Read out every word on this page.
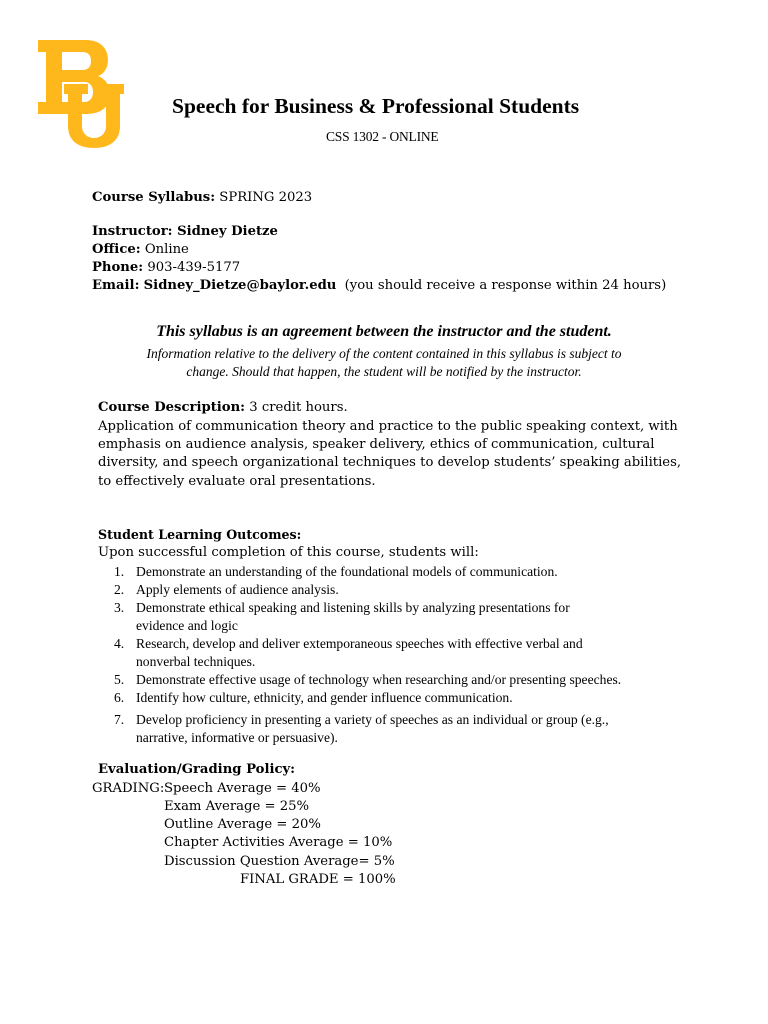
Speech for Business & Professional Students
CSS 1302 - ONLINE
Course Syllabus: SPRING 2023
Instructor: Sidney Dietze
Office: Online
Phone: 903-439-5177
Email: Sidney_Dietze@baylor.edu (you should receive a response within 24 hours)
This syllabus is an agreement between the instructor and the student.
Information relative to the delivery of the content contained in this syllabus is subject to
change. Should that happen, the student will be notified by the instructor.
Course Description: 3 credit hours.
Application of communication theory and practice to the public speaking context, with
emphasis on audience analysis, speaker delivery, ethics of communication, cultural
diversity, and speech organizational techniques to develop students’ speaking abilities,
to effectively evaluate oral presentations.
Student Learning Outcomes:
Upon successful completion of this course, students will:
1. Demonstrate an understanding of the foundational models of communication.
2. Apply elements of audience analysis.
3. Demonstrate ethical speaking and listening skills by analyzing presentations for
evidence and logic
4. Research, develop and deliver extemporaneous speeches with effective verbal and
nonverbal techniques.
5. Demonstrate effective usage of technology when researching and/or presenting speeches.
6. Identify how culture, ethnicity, and gender influence communication.
7. Develop proficiency in presenting a variety of speeches as an individual or group (e.g.,
narrative, informative or persuasive).
Evaluation/Grading Policy:
GRADING: Speech Average = 40%
Exam Average = 25%
Outline Average = 20%
Chapter Activities Average = 10%
Discussion Question Average= 5%
FINAL GRADE = 100%
